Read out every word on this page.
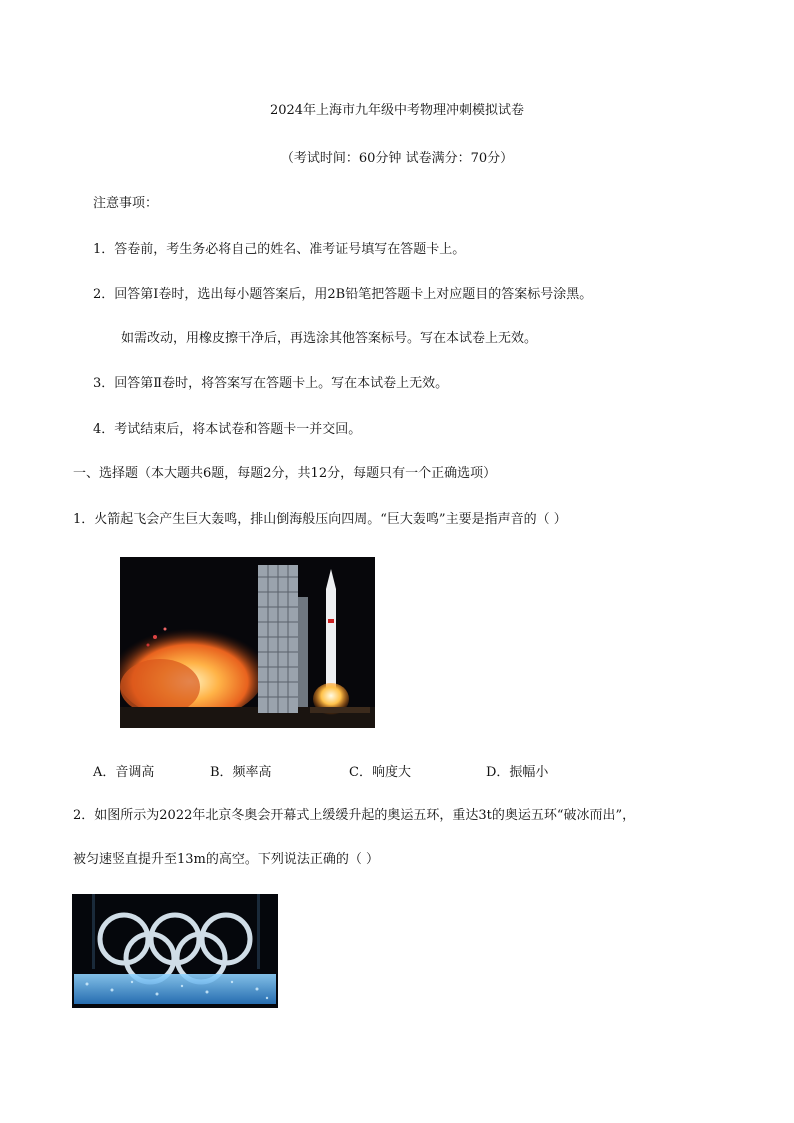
2024年上海市九年级中考物理冲刺模拟试卷
（考试时间：60分钟 试卷满分：70分）
注意事项：
1．答卷前，考生务必将自己的姓名、准考证号填写在答题卡上。
2．回答第Ⅰ卷时，选出每小题答案后，用2B铅笔把答题卡上对应题目的答案标号涂黑。
如需改动，用橡皮擦干净后，再选涂其他答案标号。写在本试卷上无效。
3．回答第Ⅱ卷时，将答案写在答题卡上。写在本试卷上无效。
4．考试结束后，将本试卷和答题卡一并交回。
一、选择题（本大题共6题，每题2分，共12分，每题只有一个正确选项）
1．火箭起飞会产生巨大轰鸣，排山倒海般压向四周。“巨大轰鸣”主要是指声音的（ ）
A．音调高	B．频率高	C．响度大	D．振幅小
2．如图所示为2022年北京冬奥会开幕式上缓缓升起的奥运五环，重达3t的奥运五环“破冰而出”，
被匀速竖直提升至13m的高空。下列说法正确的（ ）
